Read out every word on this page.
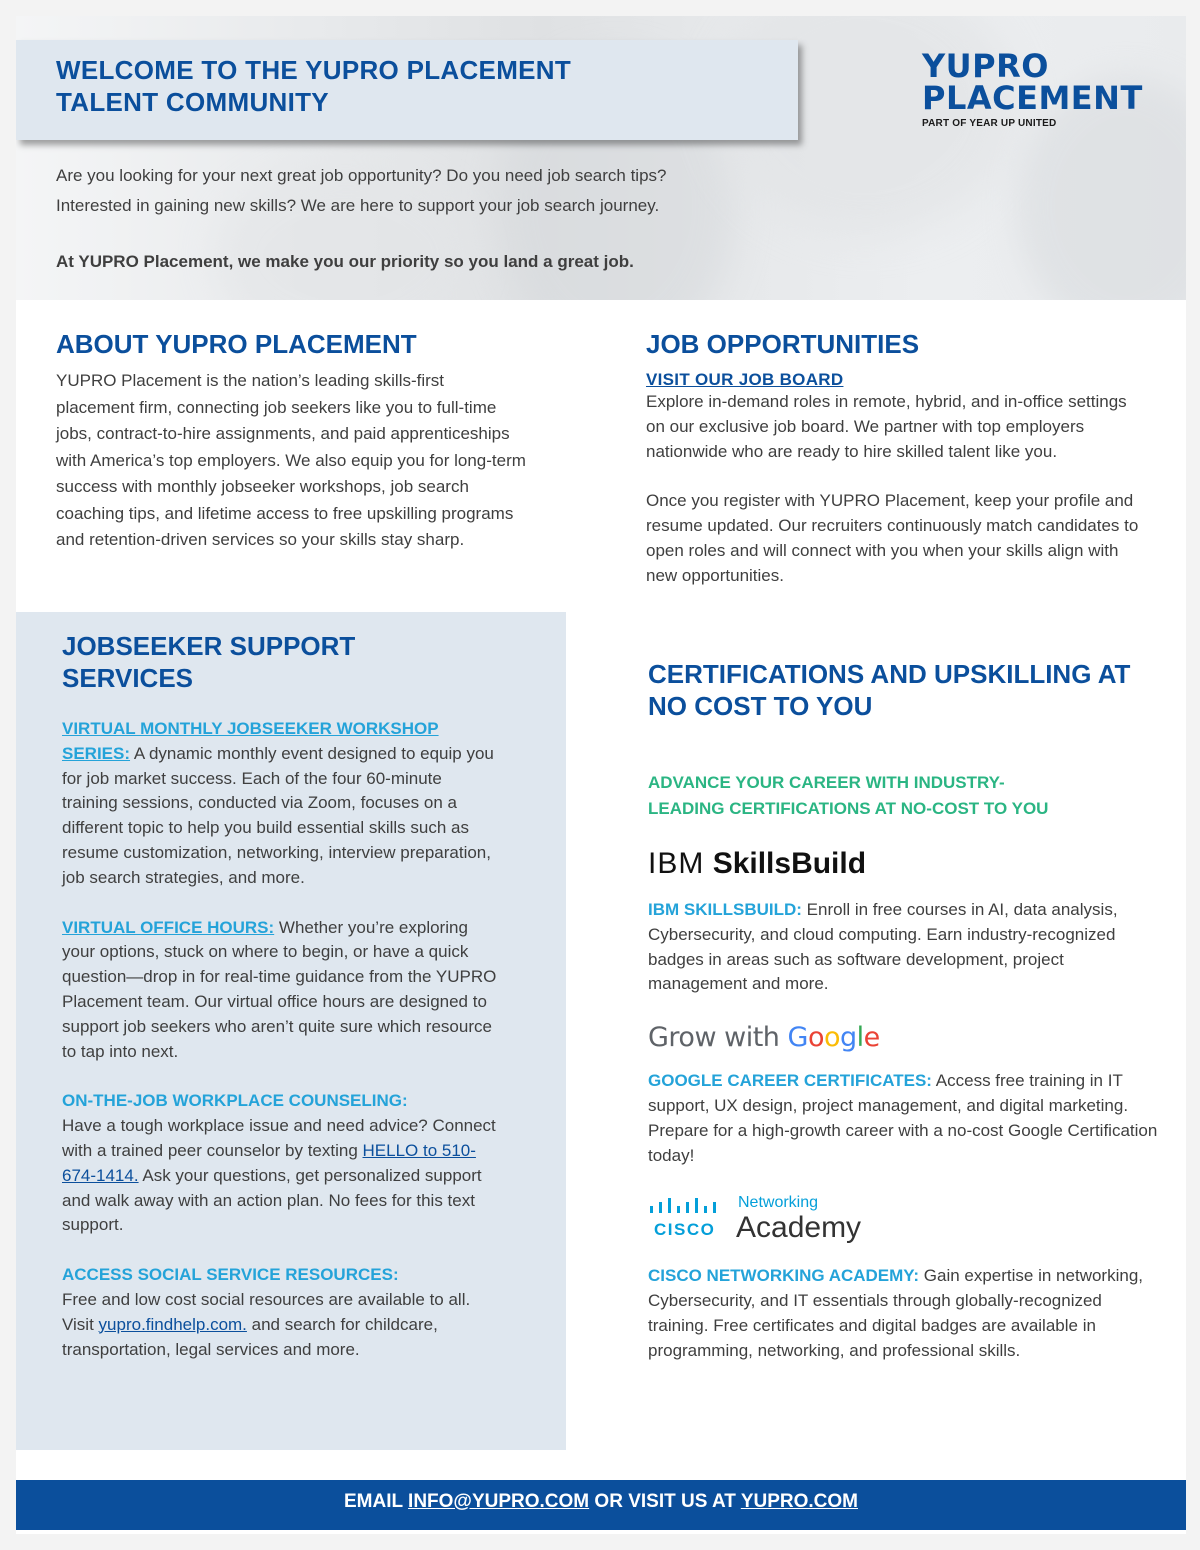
WELCOME TO THE YUPRO PLACEMENT
TALENT COMMUNITY
YUPRO
PLACEMENT
PART OF YEAR UP UNITED
Are you looking for your next great job opportunity? Do you need job search tips?
Interested in gaining new skills? We are here to support your job search journey.
At YUPRO Placement, we make you our priority so you land a great job.
ABOUT YUPRO PLACEMENT
YUPRO Placement is the nation’s leading skills-first placement firm, connecting job seekers like you to full-time jobs, contract-to-hire assignments, and paid apprenticeships with America’s top employers. We also equip you for long-term success with monthly jobseeker workshops, job search coaching tips, and lifetime access to free upskilling programs and retention-driven services so your skills stay sharp.
JOBSEEKER SUPPORT
SERVICES
VIRTUAL MONTHLY JOBSEEKER WORKSHOP SERIES: A dynamic monthly event designed to equip you for job market success. Each of the four 60-minute training sessions, conducted via Zoom, focuses on a different topic to help you build essential skills such as resume customization, networking, interview preparation, job search strategies, and more.
VIRTUAL OFFICE HOURS: Whether you’re exploring your options, stuck on where to begin, or have a quick question—drop in for real-time guidance from the YUPRO Placement team. Our virtual office hours are designed to support job seekers who aren’t quite sure which resource to tap into next.
ON-THE-JOB WORKPLACE COUNSELING:
Have a tough workplace issue and need advice? Connect with a trained peer counselor by texting HELLO to 510-674-1414. Ask your questions, get personalized support and walk away with an action plan. No fees for this text support.
ACCESS SOCIAL SERVICE RESOURCES:
Free and low cost social resources are available to all. Visit yupro.findhelp.com. and search for childcare, transportation, legal services and more.
JOB OPPORTUNITIES
VISIT OUR JOB BOARD
Explore in-demand roles in remote, hybrid, and in-office settings on our exclusive job board. We partner with top employers nationwide who are ready to hire skilled talent like you.
Once you register with YUPRO Placement, keep your profile and resume updated. Our recruiters continuously match candidates to open roles and will connect with you when your skills align with new opportunities.
CERTIFICATIONS AND UPSKILLING AT
NO COST TO YOU
ADVANCE YOUR CAREER WITH INDUSTRY-
LEADING CERTIFICATIONS AT NO-COST TO YOU
IBM SkillsBuild
IBM SKILLSBUILD: Enroll in free courses in AI, data analysis, Cybersecurity, and cloud computing. Earn industry-recognized badges in areas such as software development, project management and more.
Grow with Google
GOOGLE CAREER CERTIFICATES: Access free training in IT support, UX design, project management, and digital marketing. Prepare for a high-growth career with a no-cost Google Certification today!
CISCO
Networking
Academy
CISCO NETWORKING ACADEMY: Gain expertise in networking, Cybersecurity, and IT essentials through globally-recognized training. Free certificates and digital badges are available in programming, networking, and professional skills.
EMAIL INFO@YUPRO.COM OR VISIT US AT YUPRO.COM
